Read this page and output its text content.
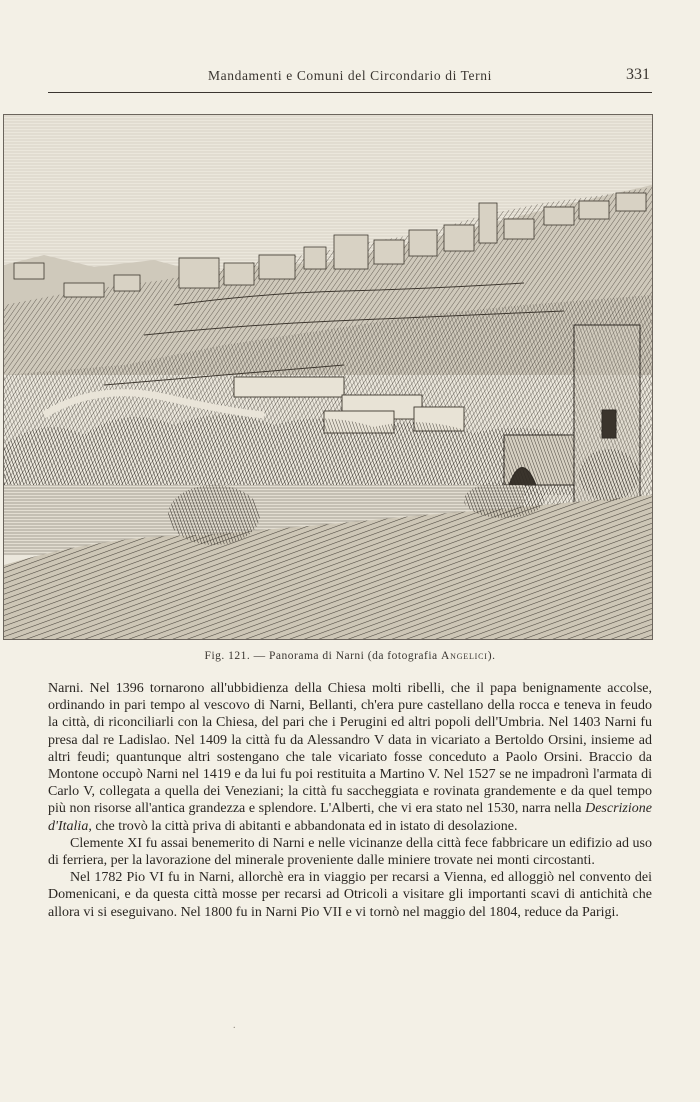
Mandamenti e Comuni del Circondario di Terni	331
Fig. 121. — Panorama di Narni (da fotografia Angelici).

Narni. Nel 1396 tornarono all'ubbidienza della Chiesa molti ribelli, che il papa benignamente accolse, ordinando in pari tempo al vescovo di Narni, Bellanti, ch'era pure castellano della rocca e teneva in feudo la città, di riconciliarli con la Chiesa, del pari che i Perugini ed altri popoli dell'Umbria. Nel 1403 Narni fu presa dal re Ladislao. Nel 1409 la città fu da Alessandro V data in vicariato a Bertoldo Orsini, insieme ad altri feudi; quantunque altri sostengano che tale vicariato fosse conceduto a Paolo Orsini. Braccio da Montone occupò Narni nel 1419 e da lui fu poi restituita a Martino V. Nel 1527 se ne impadronì l'armata di Carlo V, collegata a quella dei Veneziani; la città fu saccheggiata e rovinata grandemente e da quel tempo più non risorse all'antica grandezza e splendore. L'Alberti, che vi era stato nel 1530, narra nella Descrizione d'Italia, che trovò la città priva di abitanti e abbandonata ed in istato di desolazione.

Clemente XI fu assai benemerito di Narni e nelle vicinanze della città fece fabbricare un edifizio ad uso di ferriera, per la lavorazione del minerale proveniente dalle miniere trovate nei monti circostanti.

Nel 1782 Pio VI fu in Narni, allorchè era in viaggio per recarsi a Vienna, ed alloggiò nel convento dei Domenicani, e da questa città mosse per recarsi ad Otricoli a visitare gli importanti scavi di antichità che allora vi si eseguivano. Nel 1800 fu in Narni Pio VII e vi tornò nel maggio del 1804, reduce da Parigi.

.
